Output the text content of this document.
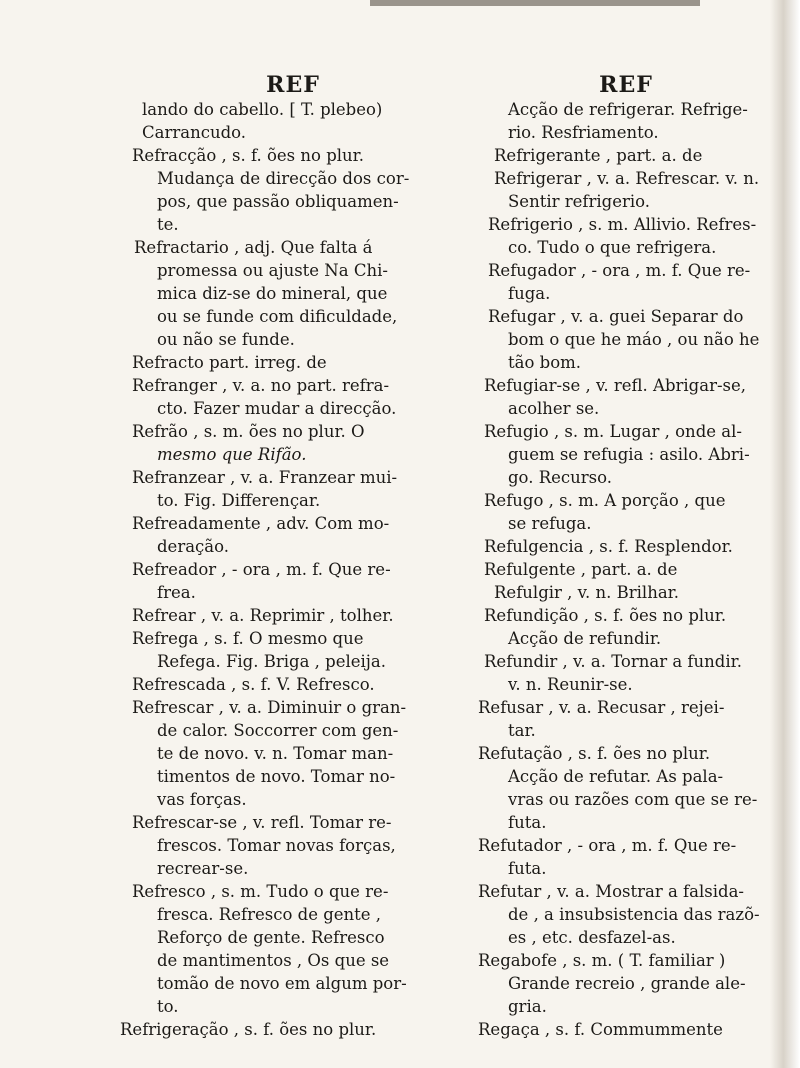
REF
lando do cabello. [ T. plebeo)
Carrancudo.
Refracção , s. f. ões no plur.
Mudança de direcção dos cor-
pos, que passão obliquamen-
te.
Refractario , adj. Que falta á
promessa ou ajuste Na Chi-
mica diz-se do mineral, que
ou se funde com dificuldade,
ou não se funde.
Refracto part. irreg. de
Refranger , v. a. no part. refra-
cto. Fazer mudar a direcção.
Refrão , s. m. ões no plur. O
mesmo que Rifão.
Refranzear , v. a. Franzear mui-
to. Fig. Differençar.
Refreadamente , adv. Com mo-
deração.
Refreador , - ora , m. f. Que re-
frea.
Refrear , v. a. Reprimir , tolher.
Refrega , s. f. O mesmo que
Refega. Fig. Briga , peleija.
Refrescada , s. f. V. Refresco.
Refrescar , v. a. Diminuir o gran-
de calor. Soccorrer com gen-
te de novo. v. n. Tomar man-
timentos de novo. Tomar no-
vas forças.
Refrescar-se , v. refl. Tomar re-
frescos. Tomar novas forças,
recrear-se.
Refresco , s. m. Tudo o que re-
fresca. Refresco de gente ,
Reforço de gente. Refresco
de mantimentos , Os que se
tomão de novo em algum por-
to.
Refrigeração , s. f. ões no plur.
REF
Acção de refrigerar. Refrige-
rio. Resfriamento.
Refrigerante , part. a. de
Refrigerar , v. a. Refrescar. v. n.
Sentir refrigerio.
Refrigerio , s. m. Allivio. Refres-
co. Tudo o que refrigera.
Refugador , - ora , m. f. Que re-
fuga.
Refugar , v. a. guei Separar do
bom o que he máo , ou não he
tão bom.
Refugiar-se , v. refl. Abrigar-se,
acolher se.
Refugio , s. m. Lugar , onde al-
guem se refugia : asilo. Abri-
go. Recurso.
Refugo , s. m. A porção , que
se refuga.
Refulgencia , s. f. Resplendor.
Refulgente , part. a. de
Refulgir , v. n. Brilhar.
Refundição , s. f. ões no plur.
Acção de refundir.
Refundir , v. a. Tornar a fundir.
v. n. Reunir-se.
Refusar , v. a. Recusar , rejei-
tar.
Refutação , s. f. ões no plur.
Acção de refutar. As pala-
vras ou razões com que se re-
futa.
Refutador , - ora , m. f. Que re-
futa.
Refutar , v. a. Mostrar a falsida-
de , a insubsistencia das razõ-
es , etc. desfazel-as.
Regabofe , s. m. ( T. familiar )
Grande recreio , grande ale-
gria.
Regaça , s. f. Commummente
